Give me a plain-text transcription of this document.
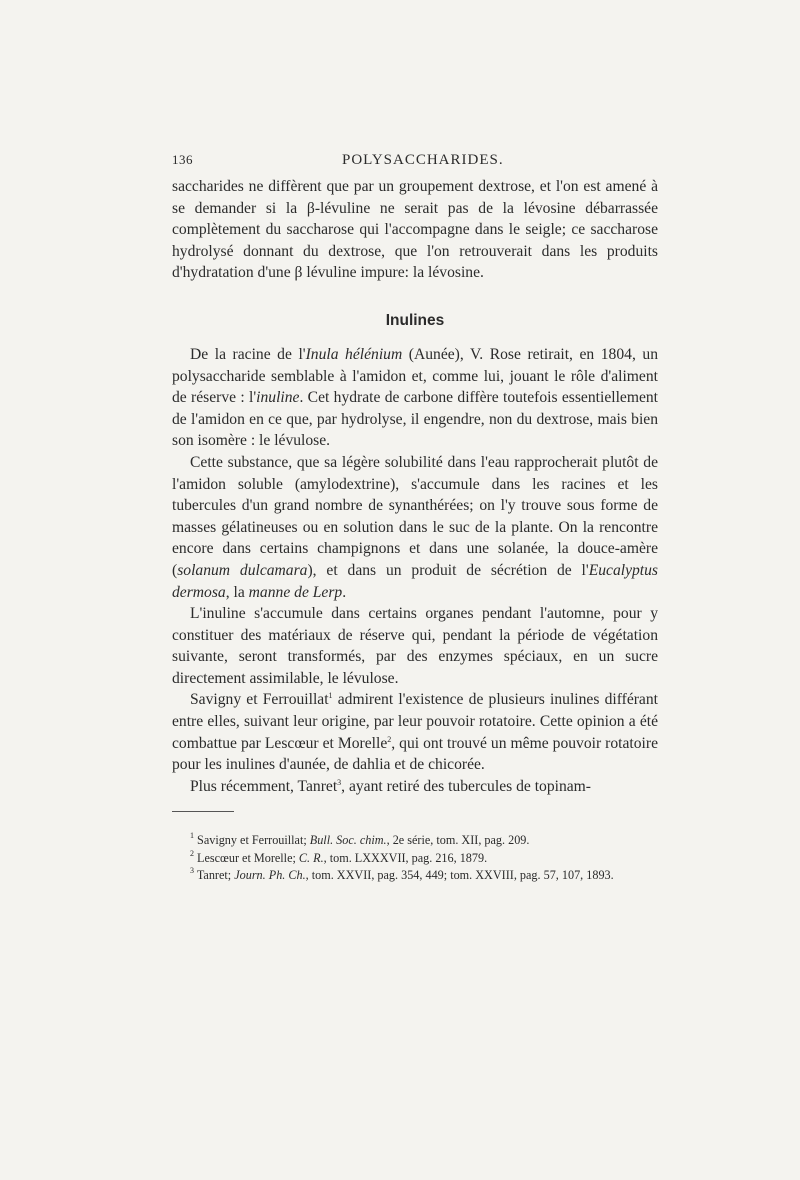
136	POLYSACCHARIDES.

saccharides ne diffèrent que par un groupement dextrose, et l'on est amené à se demander si la β-lévuline ne serait pas de la lévosine débarrassée complètement du saccharose qui l'accompagne dans le seigle; ce saccharose hydrolysé donnant du dextrose, que l'on retrouverait dans les produits d'hydratation d'une β lévuline impure: la lévosine.

Inulines

De la racine de l'Inula hélénium (Aunée), V. Rose retirait, en 1804, un polysaccharide semblable à l'amidon et, comme lui, jouant le rôle d'aliment de réserve : l'inuline. Cet hydrate de carbone diffère toutefois essentiellement de l'amidon en ce que, par hydrolyse, il engendre, non du dextrose, mais bien son isomère : le lévulose.

Cette substance, que sa légère solubilité dans l'eau rapprocherait plutôt de l'amidon soluble (amylodextrine), s'accumule dans les racines et les tubercules d'un grand nombre de synanthérées; on l'y trouve sous forme de masses gélatineuses ou en solution dans le suc de la plante. On la rencontre encore dans certains champignons et dans une solanée, la douce-amère (solanum dulcamara), et dans un produit de sécrétion de l'Eucalyptus dermosa, la manne de Lerp.

L'inuline s'accumule dans certains organes pendant l'automne, pour y constituer des matériaux de réserve qui, pendant la période de végétation suivante, seront transformés, par des enzymes spéciaux, en un sucre directement assimilable, le lévulose.

Savigny et Ferrouillat$^1$ admirent l'existence de plusieurs inulines différant entre elles, suivant leur origine, par leur pouvoir rotatoire. Cette opinion a été combattue par Lescœur et Morelle$^2$, qui ont trouvé un même pouvoir rotatoire pour les inulines d'aunée, de dahlia et de chicorée.

Plus récemment, Tanret$^3$, ayant retiré des tubercules de topinam-

$^1$ Savigny et Ferrouillat; Bull. Soc. chim., 2e série, tom. XII, pag. 209.

$^2$ Lescœur et Morelle; C. R., tom. LXXXVII, pag. 216, 1879.

$^3$ Tanret; Journ. Ph. Ch., tom. XXVII, pag. 354, 449; tom. XXVIII, pag. 57, 107, 1893.
